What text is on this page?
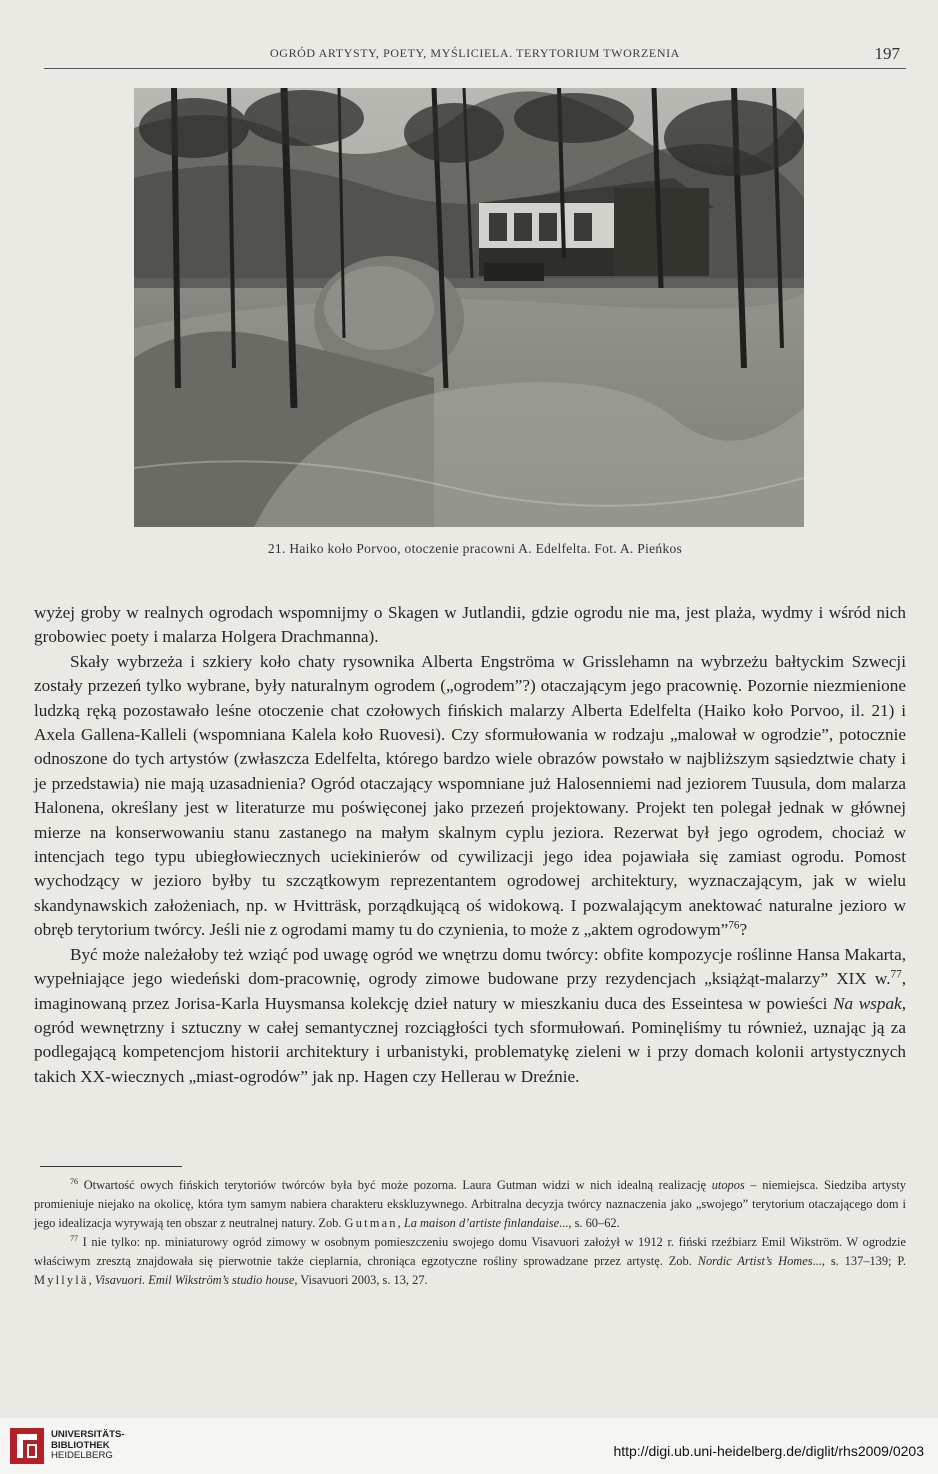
OGRÓD ARTYSTY, POETY, MYŚLICIELA. TERYTORIUM TWORZENIA	197
21. Haiko koło Porvoo, otoczenie pracowni A. Edelfelta. Fot. A. Pieńkos

wyżej groby w realnych ogrodach wspomnijmy o Skagen w Jutlandii, gdzie ogrodu nie ma, jest plaża, wydmy i wśród nich grobowiec poety i malarza Holgera Drachmanna).

Skały wybrzeża i szkiery koło chaty rysownika Alberta Engströma w Grisslehamn na wybrzeżu bałtyckim Szwecji zostały przezeń tylko wybrane, były naturalnym ogrodem („ogrodem”?) otaczającym jego pracownię. Pozornie niezmienione ludzką ręką pozostawało leśne otoczenie chat czołowych fińskich malarzy Alberta Edelfelta (Haiko koło Porvoo, il. 21) i Axela Gallena-Kalleli (wspomniana Kalela koło Ruovesi). Czy sformułowania w rodzaju „malował w ogrodzie”, potocznie odnoszone do tych artystów (zwłaszcza Edelfelta, którego bardzo wiele obrazów powstało w najbliższym sąsiedztwie chaty i je przedstawia) nie mają uzasadnienia? Ogród otaczający wspomniane już Halosenniemi nad jeziorem Tuusula, dom malarza Halonena, określany jest w literaturze mu poświęconej jako przezeń projektowany. Projekt ten polegał jednak w głównej mierze na konserwowaniu stanu zastanego na małym skalnym cyplu jeziora. Rezerwat był jego ogrodem, chociaż w intencjach tego typu ubiegłowiecznych uciekinierów od cywilizacji jego idea pojawiała się zamiast ogrodu. Pomost wychodzący w jezioro byłby tu szczątkowym reprezentantem ogrodowej architektury, wyznaczającym, jak w wielu skandynawskich założeniach, np. w Hvitträsk, porządkującą oś widokową. I pozwalającym anektować naturalne jezioro w obręb terytorium twórcy. Jeśli nie z ogrodami mamy tu do czynienia, to może z „aktem ogrodowym”$^{76}$?

Być może należałoby też wziąć pod uwagę ogród we wnętrzu domu twórcy: obfite kompozycje roślinne Hansa Makarta, wypełniające jego wiedeński dom-pracownię, ogrody zimowe budowane przy rezydencjach „książąt-malarzy” XIX w.$^{77}$, imaginowaną przez Jorisa-Karla Huysmansa kolekcję dzieł natury w mieszkaniu duca des Esseintesa w powieści Na wspak, ogród wewnętrzny i sztuczny w całej semantycznej rozciągłości tych sformułowań. Pominęliśmy tu również, uznając ją za podlegającą kompetencjom historii architektury i urbanistyki, problematykę zieleni w i przy domach kolonii artystycznych takich XX-wiecznych „miast-ogrodów” jak np. Hagen czy Hellerau w Dreźnie.

$^{76}$ Otwartość owych fińskich terytoriów twórców była być może pozorna. Laura Gutman widzi w nich idealną realizację utopos – niemiejsca. Siedziba artysty promieniuje niejako na okolicę, która tym samym nabiera charakteru ekskluzywnego. Arbitralna decyzja twórcy naznaczenia jako „swojego” terytorium otaczającego dom i jego idealizacja wyrywają ten obszar z neutralnej natury. Zob. Gutman, La maison d’artiste finlandaise..., s. 60–62.

$^{77}$ I nie tylko: np. miniaturowy ogród zimowy w osobnym pomieszczeniu swojego domu Visavuori założył w 1912 r. fiński rzeźbiarz Emil Wikström. W ogrodzie właściwym zresztą znajdowała się pierwotnie także cieplarnia, chroniąca egzotyczne rośliny sprowadzane przez artystę. Zob. Nordic Artist’s Homes..., s. 137–139; P. Myllylä, Visavuori. Emil Wikström’s studio house, Visavuori 2003, s. 13, 27.

UNIVERSITÄTS-
BIBLIOTHEK
HEIDELBERG	http://digi.ub.uni-heidelberg.de/diglit/rhs2009/0203
